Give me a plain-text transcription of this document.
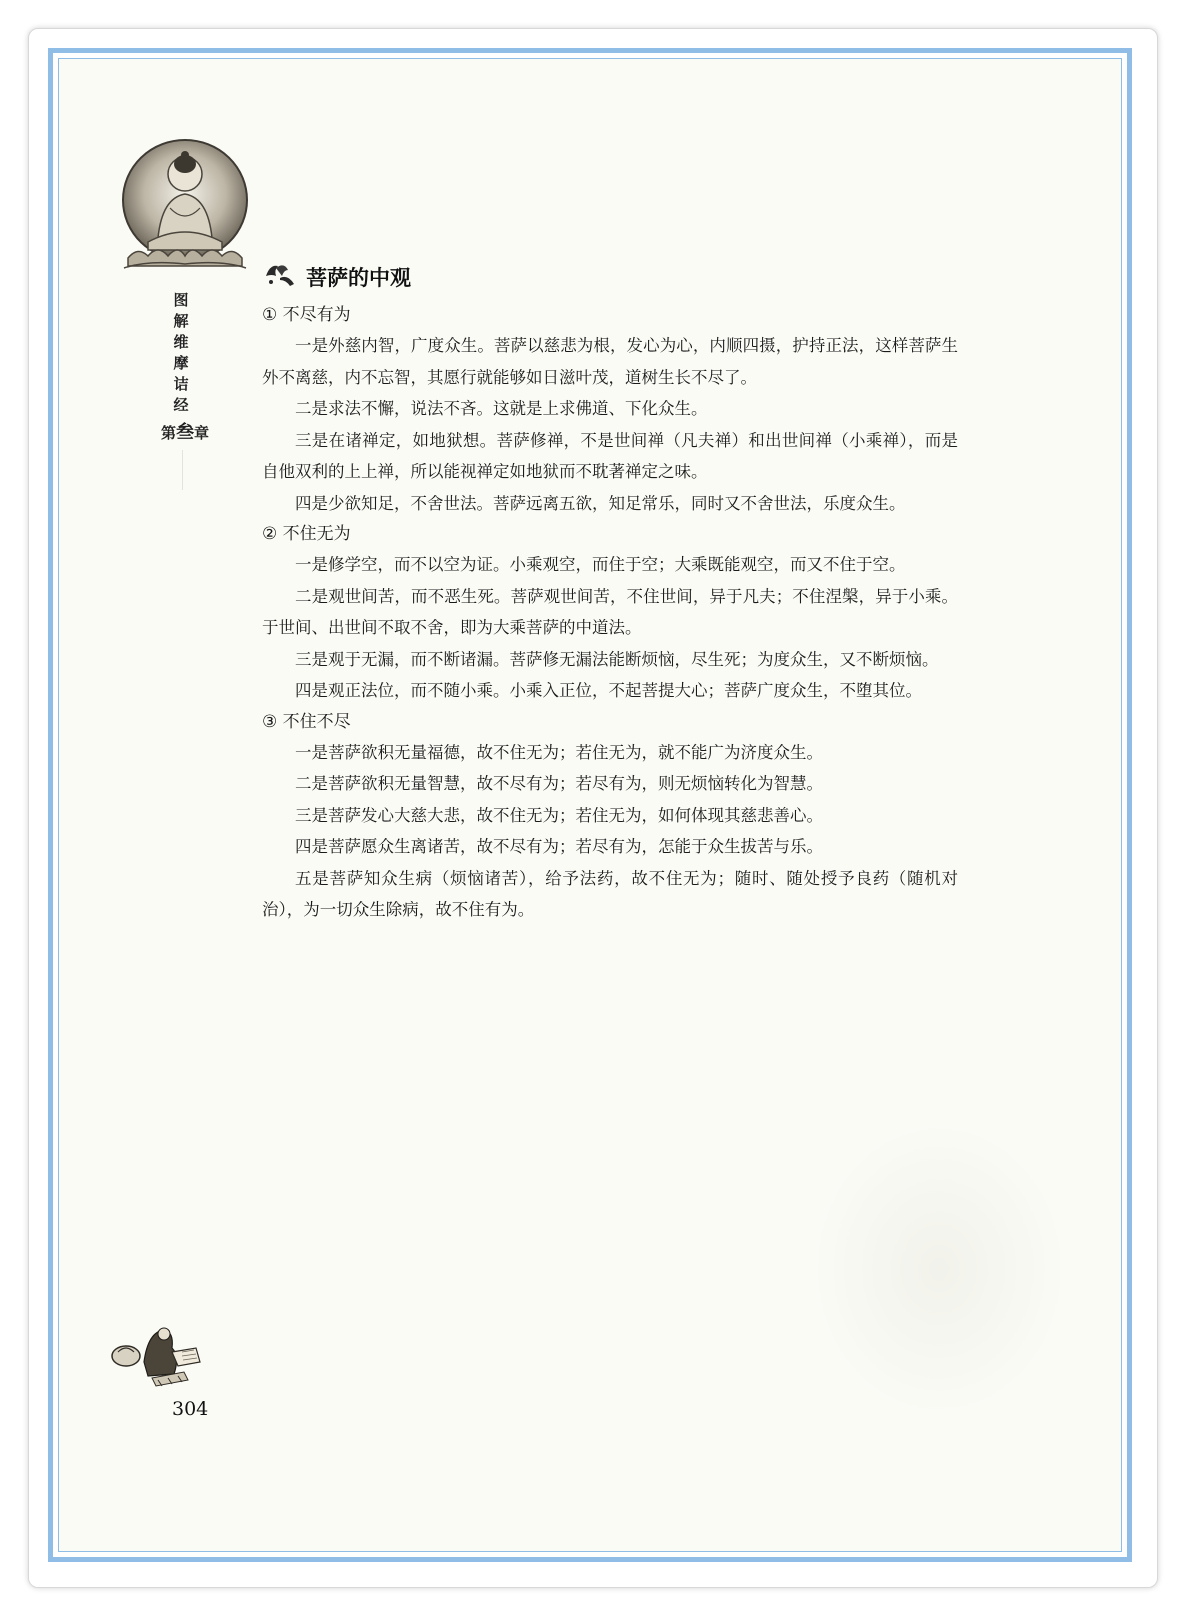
图解维摩诘经
第叁章
菩萨的中观
① 不尽有为

一是外慈内智，广度众生。菩萨以慈悲为根，发心为心，内顺四摄，护持正法，这样菩萨生外不离慈，内不忘智，其愿行就能够如日滋叶茂，道树生长不尽了。

二是求法不懈，说法不吝。这就是上求佛道、下化众生。

三是在诸禅定，如地狱想。菩萨修禅，不是世间禅（凡夫禅）和出世间禅（小乘禅），而是自他双利的上上禅，所以能视禅定如地狱而不耽著禅定之味。

四是少欲知足，不舍世法。菩萨远离五欲，知足常乐，同时又不舍世法，乐度众生。

② 不住无为

一是修学空，而不以空为证。小乘观空，而住于空；大乘既能观空，而又不住于空。

二是观世间苦，而不恶生死。菩萨观世间苦，不住世间，异于凡夫；不住涅槃，异于小乘。于世间、出世间不取不舍，即为大乘菩萨的中道法。

三是观于无漏，而不断诸漏。菩萨修无漏法能断烦恼，尽生死；为度众生，又不断烦恼。

四是观正法位，而不随小乘。小乘入正位，不起菩提大心；菩萨广度众生，不堕其位。

③ 不住不尽

一是菩萨欲积无量福德，故不住无为；若住无为，就不能广为济度众生。

二是菩萨欲积无量智慧，故不尽有为；若尽有为，则无烦恼转化为智慧。

三是菩萨发心大慈大悲，故不住无为；若住无为，如何体现其慈悲善心。

四是菩萨愿众生离诸苦，故不尽有为；若尽有为，怎能于众生拔苦与乐。

五是菩萨知众生病（烦恼诸苦），给予法药，故不住无为；随时、随处授予良药（随机对治），为一切众生除病，故不住有为。

304
